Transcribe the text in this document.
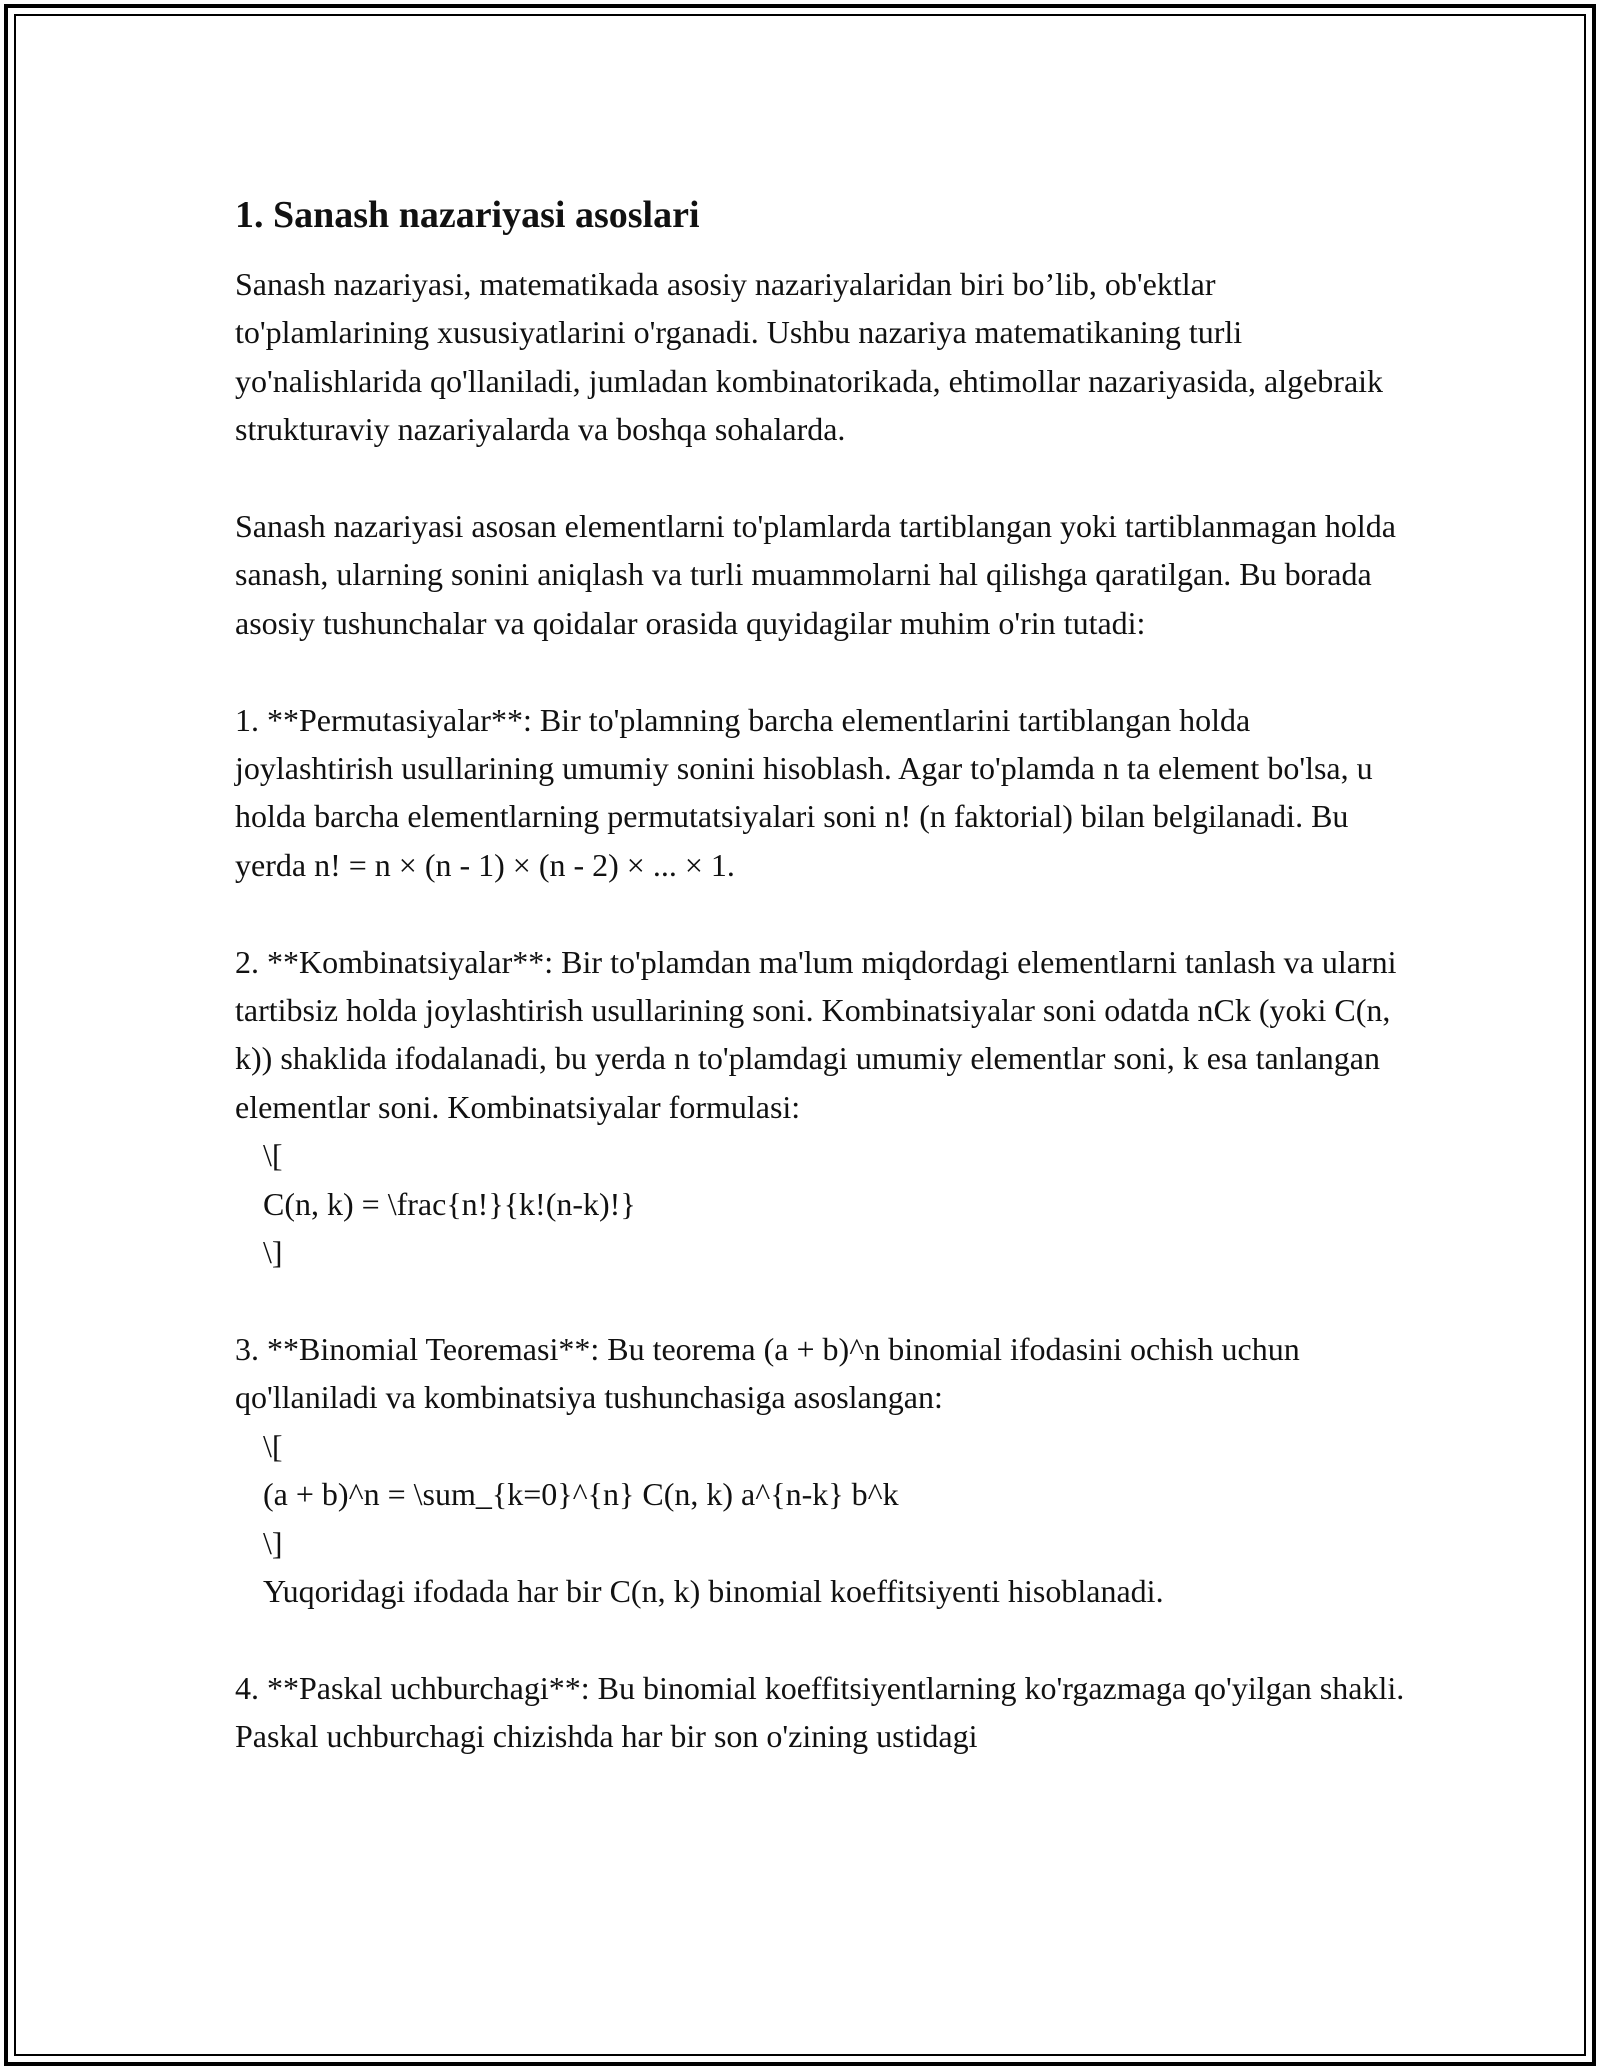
1. Sanash nazariyasi asoslari

Sanash nazariyasi, matematikada asosiy nazariyalaridan biri bo’lib, ob'ektlar to'plamlarining xususiyatlarini o'rganadi. Ushbu nazariya matematikaning turli yo'nalishlarida qo'llaniladi, jumladan kombinatorikada, ehtimollar nazariyasida, algebraik strukturaviy nazariyalarda va boshqa sohalarda.

Sanash nazariyasi asosan elementlarni to'plamlarda tartiblangan yoki tartiblanmagan holda sanash, ularning sonini aniqlash va turli muammolarni hal qilishga qaratilgan. Bu borada asosiy tushunchalar va qoidalar orasida quyidagilar muhim o'rin tutadi:

1. **Permutasiyalar**: Bir to'plamning barcha elementlarini tartiblangan holda joylashtirish usullarining umumiy sonini hisoblash. Agar to'plamda n ta element bo'lsa, u holda barcha elementlarning permutatsiyalari soni n! (n faktorial) bilan belgilanadi. Bu yerda n! = n × (n - 1) × (n - 2) × ... × 1.

2. **Kombinatsiyalar**: Bir to'plamdan ma'lum miqdordagi elementlarni tanlash va ularni tartibsiz holda joylashtirish usullarining soni. Kombinatsiyalar soni odatda nCk (yoki C(n, k)) shaklida ifodalanadi, bu yerda n to'plamdagi umumiy elementlar soni, k esa tanlangan elementlar soni. Kombinatsiyalar formulasi:

\[
C(n, k) = \frac{n!}{k!(n-k)!}
\]

3. **Binomial Teoremasi**: Bu teorema (a + b)^n binomial ifodasini ochish uchun qo'llaniladi va kombinatsiya tushunchasiga asoslangan:

\[
(a + b)^n = \sum_{k=0}^{n} C(n, k) a^{n-k} b^k
\]
Yuqoridagi ifodada har bir C(n, k) binomial koeffitsiyenti hisoblanadi.

4. **Paskal uchburchagi**: Bu binomial koeffitsiyentlarning ko'rgazmaga qo'yilgan shakli. Paskal uchburchagi chizishda har bir son o'zining ustidagi
